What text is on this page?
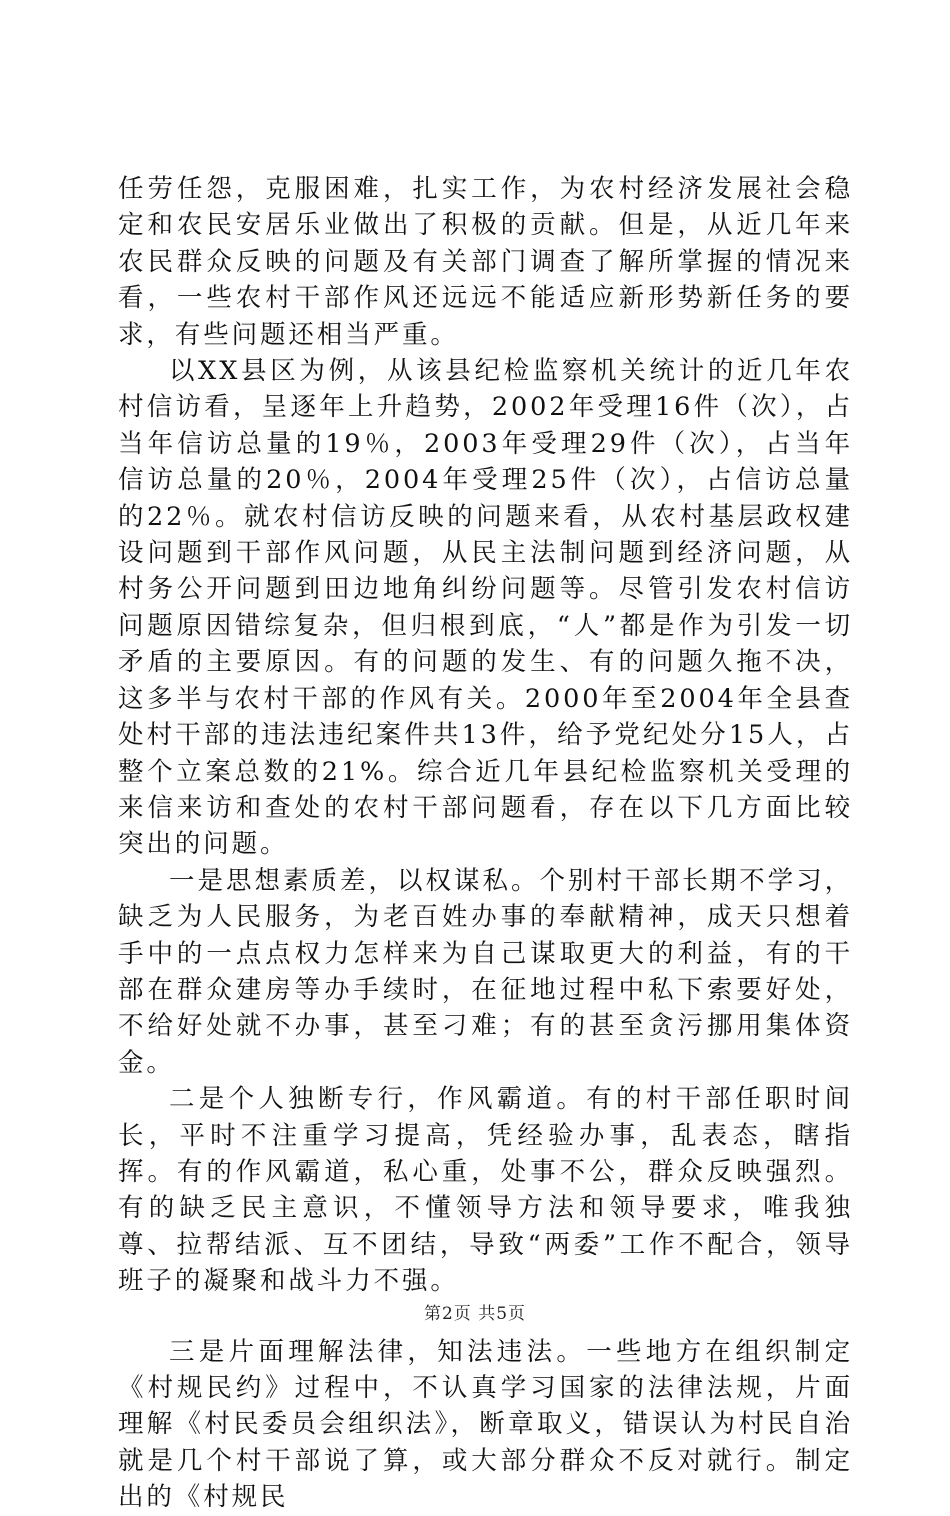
任劳任怨，克服困难，扎实工作，为农村经济发展社会稳定和农民安居乐业做出了积极的贡献。但是，从近几年来农民群众反映的问题及有关部门调查了解所掌握的情况来看，一些农村干部作风还远远不能适应新形势新任务的要求，有些问题还相当严重。

以XX县区为例，从该县纪检监察机关统计的近几年农村信访看，呈逐年上升趋势，2002年受理16件（次），占当年信访总量的19％，2003年受理29件（次），占当年信访总量的20％，2004年受理25件（次），占信访总量的22％。就农村信访反映的问题来看，从农村基层政权建设问题到干部作风问题，从民主法制问题到经济问题，从村务公开问题到田边地角纠纷问题等。尽管引发农村信访问题原因错综复杂，但归根到底，“人”都是作为引发一切矛盾的主要原因。有的问题的发生、有的问题久拖不决，这多半与农村干部的作风有关。2000年至2004年全县查处村干部的违法违纪案件共13件，给予党纪处分15人，占整个立案总数的21%。综合近几年县纪检监察机关受理的来信来访和查处的农村干部问题看，存在以下几方面比较突出的问题。

一是思想素质差，以权谋私。个别村干部长期不学习，缺乏为人民服务，为老百姓办事的奉献精神，成天只想着手中的一点点权力怎样来为自己谋取更大的利益，有的干部在群众建房等办手续时，在征地过程中私下索要好处，不给好处就不办事，甚至刁难；有的甚至贪污挪用集体资金。

二是个人独断专行，作风霸道。有的村干部任职时间长，平时不注重学习提高，凭经验办事，乱表态，瞎指挥。有的作风霸道，私心重，处事不公，群众反映强烈。有的缺乏民主意识，不懂领导方法和领导要求，唯我独尊、拉帮结派、互不团结，导致“两委”工作不配合，领导班子的凝聚和战斗力不强。

三是片面理解法律，知法违法。一些地方在组织制定《村规民约》过程中，不认真学习国家的法律法规，片面理解《村民委员会组织法》，断章取义，错误认为村民自治就是几个村干部说了算，或大部分群众不反对就行。制定出的《村规民

第2页 共5页
